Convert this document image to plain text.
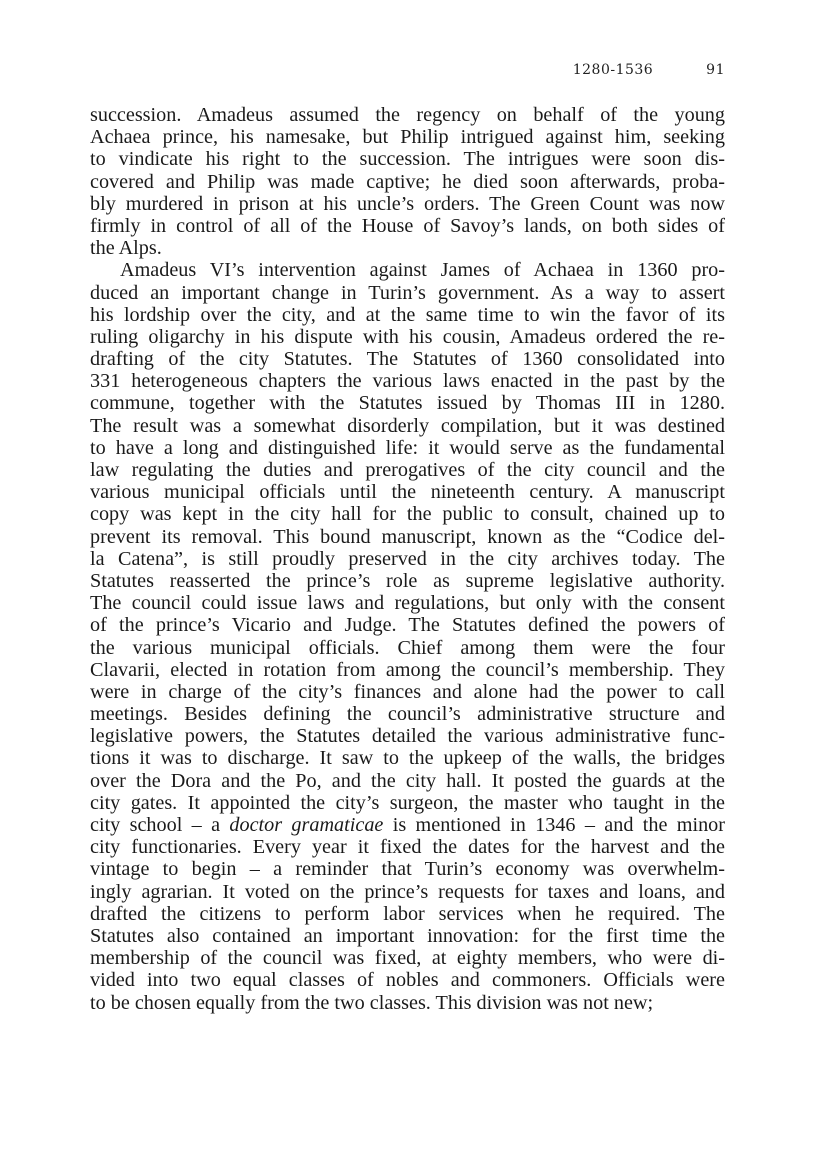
1280-1536	91
succession. Amadeus assumed the regency on behalf of the young
Achaea prince, his namesake, but Philip intrigued against him, seeking
to vindicate his right to the succession. The intrigues were soon dis-
covered and Philip was made captive; he died soon afterwards, proba-
bly murdered in prison at his uncle’s orders. The Green Count was now
firmly in control of all of the House of Savoy’s lands, on both sides of
the Alps.
Amadeus VI’s intervention against James of Achaea in 1360 pro-
duced an important change in Turin’s government. As a way to assert
his lordship over the city, and at the same time to win the favor of its
ruling oligarchy in his dispute with his cousin, Amadeus ordered the re-
drafting of the city Statutes. The Statutes of 1360 consolidated into
331 heterogeneous chapters the various laws enacted in the past by the
commune, together with the Statutes issued by Thomas III in 1280.
The result was a somewhat disorderly compilation, but it was destined
to have a long and distinguished life: it would serve as the fundamental
law regulating the duties and prerogatives of the city council and the
various municipal officials until the nineteenth century. A manuscript
copy was kept in the city hall for the public to consult, chained up to
prevent its removal. This bound manuscript, known as the “Codice del-
la Catena”, is still proudly preserved in the city archives today. The
Statutes reasserted the prince’s role as supreme legislative authority.
The council could issue laws and regulations, but only with the consent
of the prince’s Vicario and Judge. The Statutes defined the powers of
the various municipal officials. Chief among them were the four
Clavarii, elected in rotation from among the council’s membership. They
were in charge of the city’s finances and alone had the power to call
meetings. Besides defining the council’s administrative structure and
legislative powers, the Statutes detailed the various administrative func-
tions it was to discharge. It saw to the upkeep of the walls, the bridges
over the Dora and the Po, and the city hall. It posted the guards at the
city gates. It appointed the city’s surgeon, the master who taught in the
city school – a doctor gramaticae is mentioned in 1346 – and the minor
city functionaries. Every year it fixed the dates for the harvest and the
vintage to begin – a reminder that Turin’s economy was overwhelm-
ingly agrarian. It voted on the prince’s requests for taxes and loans, and
drafted the citizens to perform labor services when he required. The
Statutes also contained an important innovation: for the first time the
membership of the council was fixed, at eighty members, who were di-
vided into two equal classes of nobles and commoners. Officials were
to be chosen equally from the two classes. This division was not new;
